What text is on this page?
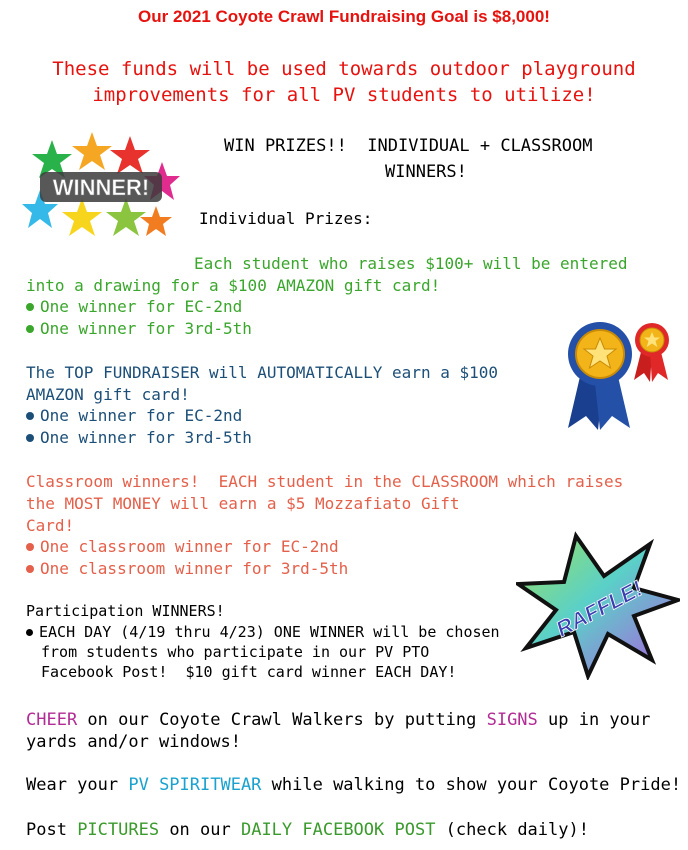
Our 2021 Coyote Crawl Fundraising Goal is $8,000!

These funds will be used towards outdoor playground

improvements for all PV students to utilize!

WINNER!

WIN PRIZES!!  INDIVIDUAL + CLASSROOM

WINNERS!

Individual Prizes:

Each student who raises $100+ will be entered

into a drawing for a $100 AMAZON gift card!

One winner for EC-2nd
One winner for 3rd-5th

The TOP FUNDRAISER will AUTOMATICALLY earn a $100

AMAZON gift card!

One winner for EC-2nd
One winner for 3rd-5th

Classroom winners!  EACH student in the CLASSROOM which raises

the MOST MONEY will earn a $5 Mozzafiato Gift

Card!

One classroom winner for EC-2nd
One classroom winner for 3rd-5th
RAFFLE!

Participation WINNERS!

EACH DAY (4/19 thru 4/23) ONE WINNER will be chosen

from students who participate in our PV PTO

Facebook Post!  $10 gift card winner EACH DAY!

CHEER on our Coyote Crawl Walkers by putting SIGNS up in your

yards and/or windows!

Wear your PV SPIRITWEAR while walking to show your Coyote Pride!

Post PICTURES on our DAILY FACEBOOK POST (check daily)!
